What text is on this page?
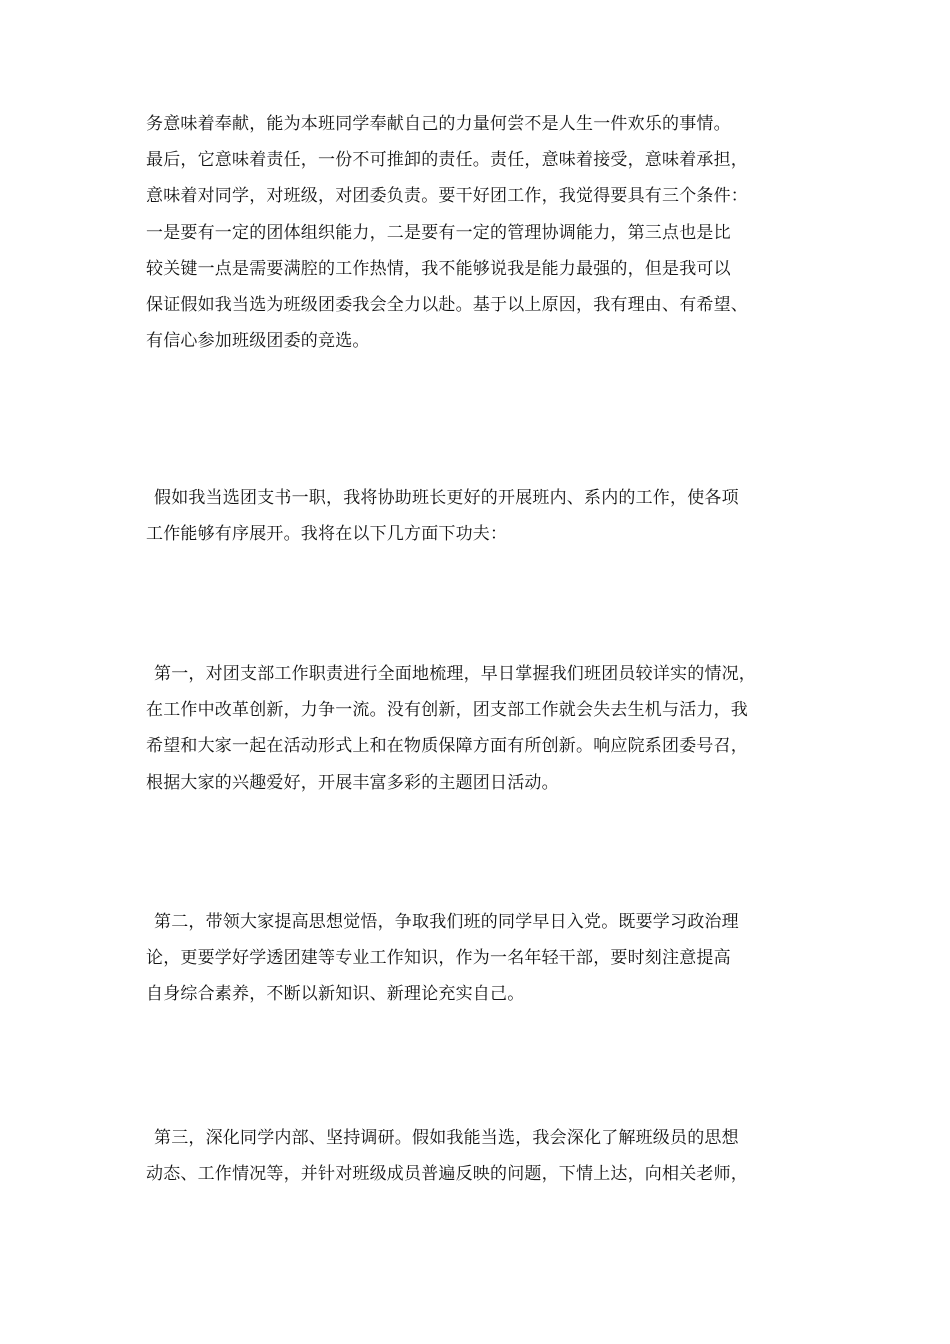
务意味着奉献，能为本班同学奉献自己的力量何尝不是人生一件欢乐的事情。
最后，它意味着责任，一份不可推卸的责任。责任，意味着接受，意味着承担，
意味着对同学，对班级，对团委负责。要干好团工作，我觉得要具有三个条件：
一是要有一定的团体组织能力，二是要有一定的管理协调能力，第三点也是比
较关键一点是需要满腔的工作热情，我不能够说我是能力最强的，但是我可以
保证假如我当选为班级团委我会全力以赴。基于以上原因，我有理由、有希望、
有信心参加班级团委的竞选。
假如我当选团支书一职，我将协助班长更好的开展班内、系内的工作，使各项
工作能够有序展开。我将在以下几方面下功夫：
第一，对团支部工作职责进行全面地梳理，早日掌握我们班团员较详实的情况，
在工作中改革创新，力争一流。没有创新，团支部工作就会失去生机与活力，我
希望和大家一起在活动形式上和在物质保障方面有所创新。响应院系团委号召，
根据大家的兴趣爱好，开展丰富多彩的主题团日活动。
第二，带领大家提高思想觉悟，争取我们班的同学早日入党。既要学习政治理
论，更要学好学透团建等专业工作知识，作为一名年轻干部，要时刻注意提高
自身综合素养，不断以新知识、新理论充实自己。
第三，深化同学内部、坚持调研。假如我能当选，我会深化了解班级员的思想
动态、工作情况等，并针对班级成员普遍反映的问题，下情上达，向相关老师，
